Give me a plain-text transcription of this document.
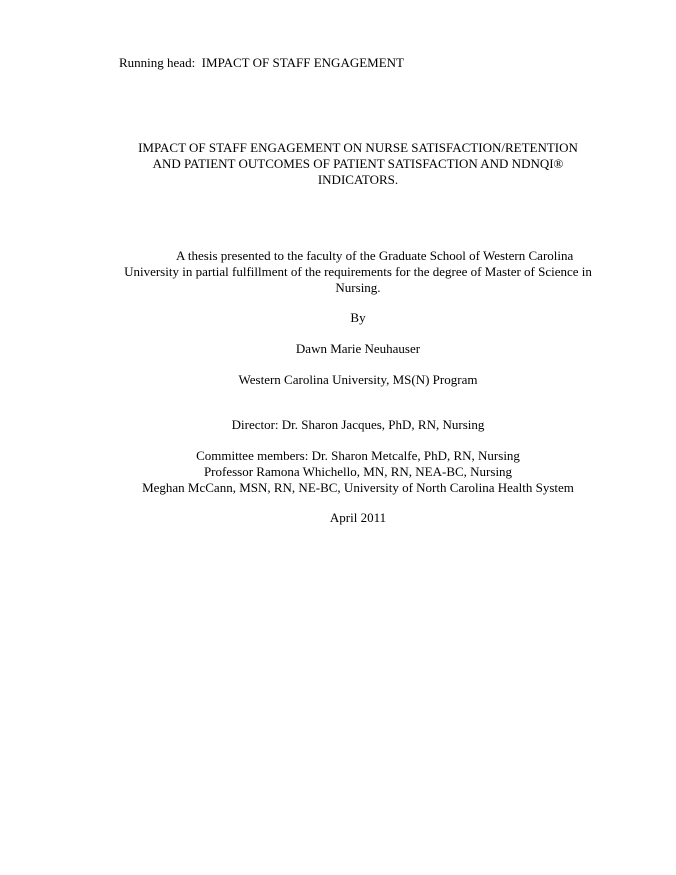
Running head:  IMPACT OF STAFF ENGAGEMENT
IMPACT OF STAFF ENGAGEMENT ON NURSE SATISFACTION/RETENTION
AND PATIENT OUTCOMES OF PATIENT SATISFACTION AND NDNQI®
INDICATORS.
A thesis presented to the faculty of the Graduate School of Western Carolina
University in partial fulfillment of the requirements for the degree of Master of Science in
Nursing.
By
Dawn Marie Neuhauser
Western Carolina University, MS(N) Program
Director: Dr. Sharon Jacques, PhD, RN, Nursing
Committee members: Dr. Sharon Metcalfe, PhD, RN, Nursing
Professor Ramona Whichello, MN, RN, NEA-BC, Nursing
Meghan McCann, MSN, RN, NE-BC, University of North Carolina Health System
April 2011
